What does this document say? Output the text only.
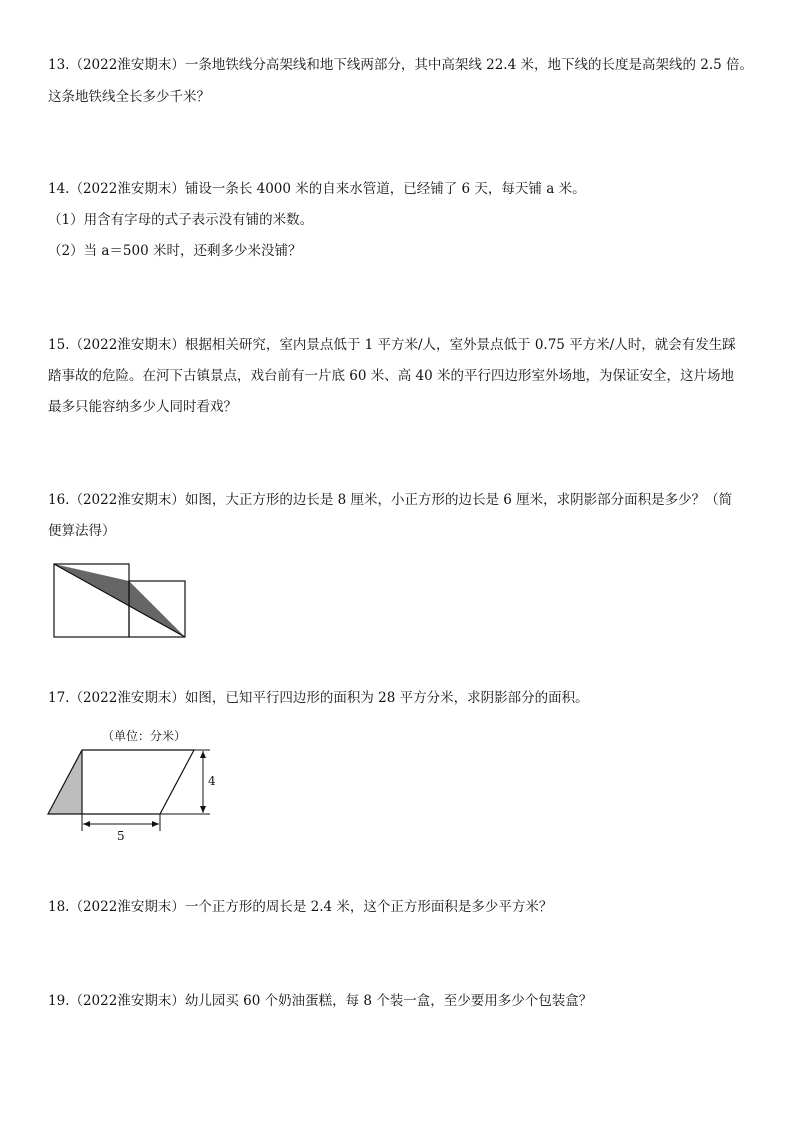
13.（2022淮安期末）一条地铁线分高架线和地下线两部分，其中高架线 22.4 米，地下线的长度是高架线的 2.5 倍。
这条地铁线全长多少千米？
14.（2022淮安期末）铺设一条长 4000 米的自来水管道，已经铺了 6 天，每天铺 a 米。
（1）用含有字母的式子表示没有铺的米数。
（2）当 a＝500 米时，还剩多少米没铺？
15.（2022淮安期末）根据相关研究，室内景点低于 1 平方米/人，室外景点低于 0.75 平方米/人时，就会有发生踩
踏事故的危险。在河下古镇景点，戏台前有一片底 60 米、高 40 米的平行四边形室外场地，为保证安全，这片场地
最多只能容纳多少人同时看戏？
16.（2022淮安期末）如图，大正方形的边长是 8 厘米，小正方形的边长是 6 厘米，求阴影部分面积是多少？（简
便算法得）
17.（2022淮安期末）如图，已知平行四边形的面积为 28 平方分米，求阴影部分的面积。
（单位：分米）
4
5
18.（2022淮安期末）一个正方形的周长是 2.4 米，这个正方形面积是多少平方米？
19.（2022淮安期末）幼儿园买 60 个奶油蛋糕，每 8 个装一盒，至少要用多少个包装盒？
